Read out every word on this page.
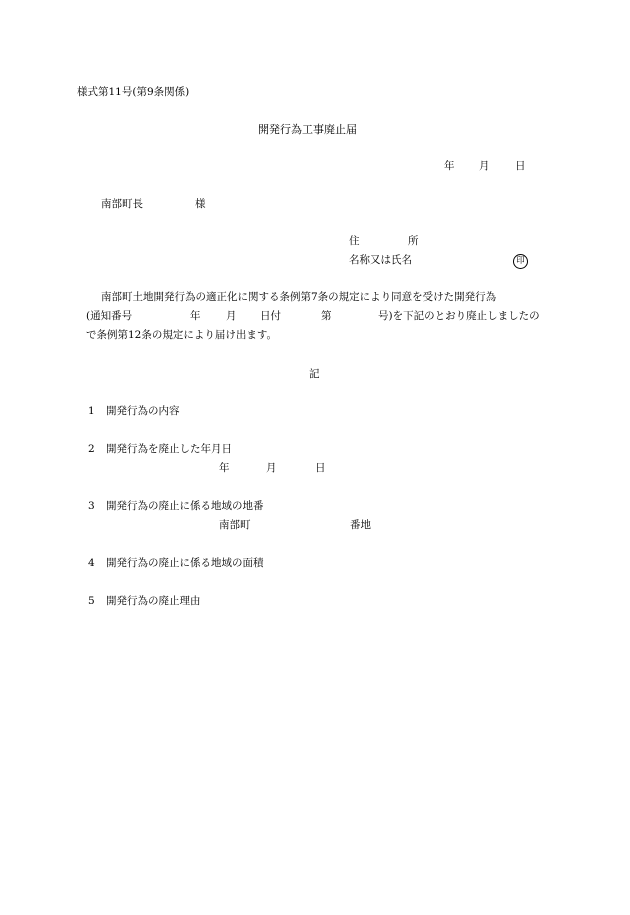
様式第11号(第9条関係)
開発行為工事廃止届
年 月 日
南部町長	様
住	所
名称又は氏名	印
南部町土地開発行為の適正化に関する条例第7条の規定により同意を受けた開発行為
(通知番号	年 月 日付	第	号)を下記のとおり廃止しましたの
で条例第12条の規定により届け出ます。
記
1 開発行為の内容
2 開発行為を廃止した年月日
年	月	日
3 開発行為の廃止に係る地域の地番
南部町	番地
4 開発行為の廃止に係る地域の面積
5 開発行為の廃止理由
